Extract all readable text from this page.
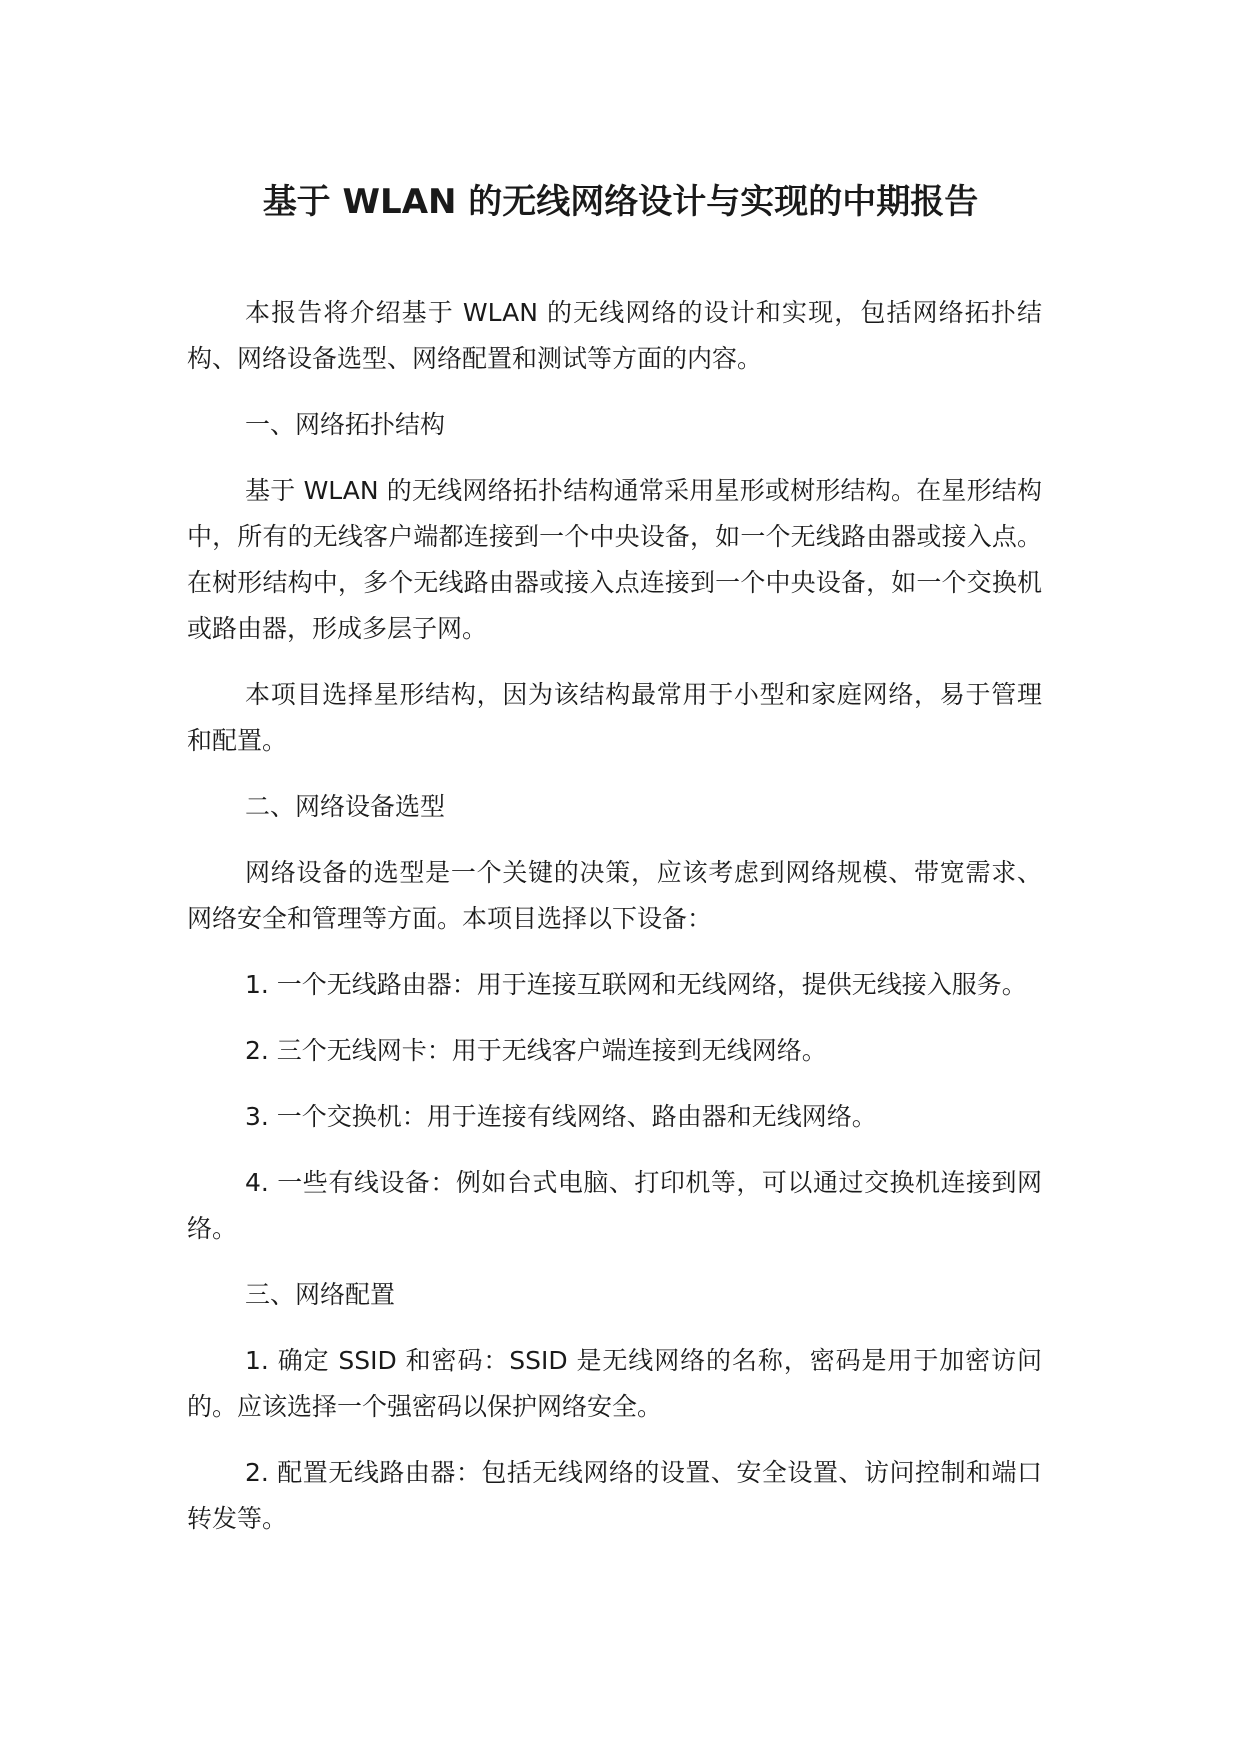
基于 WLAN 的无线网络设计与实现的中期报告

本报告将介绍基于 WLAN 的无线网络的设计和实现，包括网络拓扑结构、网络设备选型、网络配置和测试等方面的内容。

一、网络拓扑结构

基于 WLAN 的无线网络拓扑结构通常采用星形或树形结构。在星形结构中，所有的无线客户端都连接到一个中央设备，如一个无线路由器或接入点。在树形结构中，多个无线路由器或接入点连接到一个中央设备，如一个交换机或路由器，形成多层子网。

本项目选择星形结构，因为该结构最常用于小型和家庭网络，易于管理和配置。

二、网络设备选型

网络设备的选型是一个关键的决策，应该考虑到网络规模、带宽需求、网络安全和管理等方面。本项目选择以下设备：

1. 一个无线路由器：用于连接互联网和无线网络，提供无线接入服务。

2. 三个无线网卡：用于无线客户端连接到无线网络。

3. 一个交换机：用于连接有线网络、路由器和无线网络。

4. 一些有线设备：例如台式电脑、打印机等，可以通过交换机连接到网络。

三、网络配置

1. 确定 SSID 和密码：SSID 是无线网络的名称，密码是用于加密访问的。应该选择一个强密码以保护网络安全。

2. 配置无线路由器：包括无线网络的设置、安全设置、访问控制和端口转发等。
